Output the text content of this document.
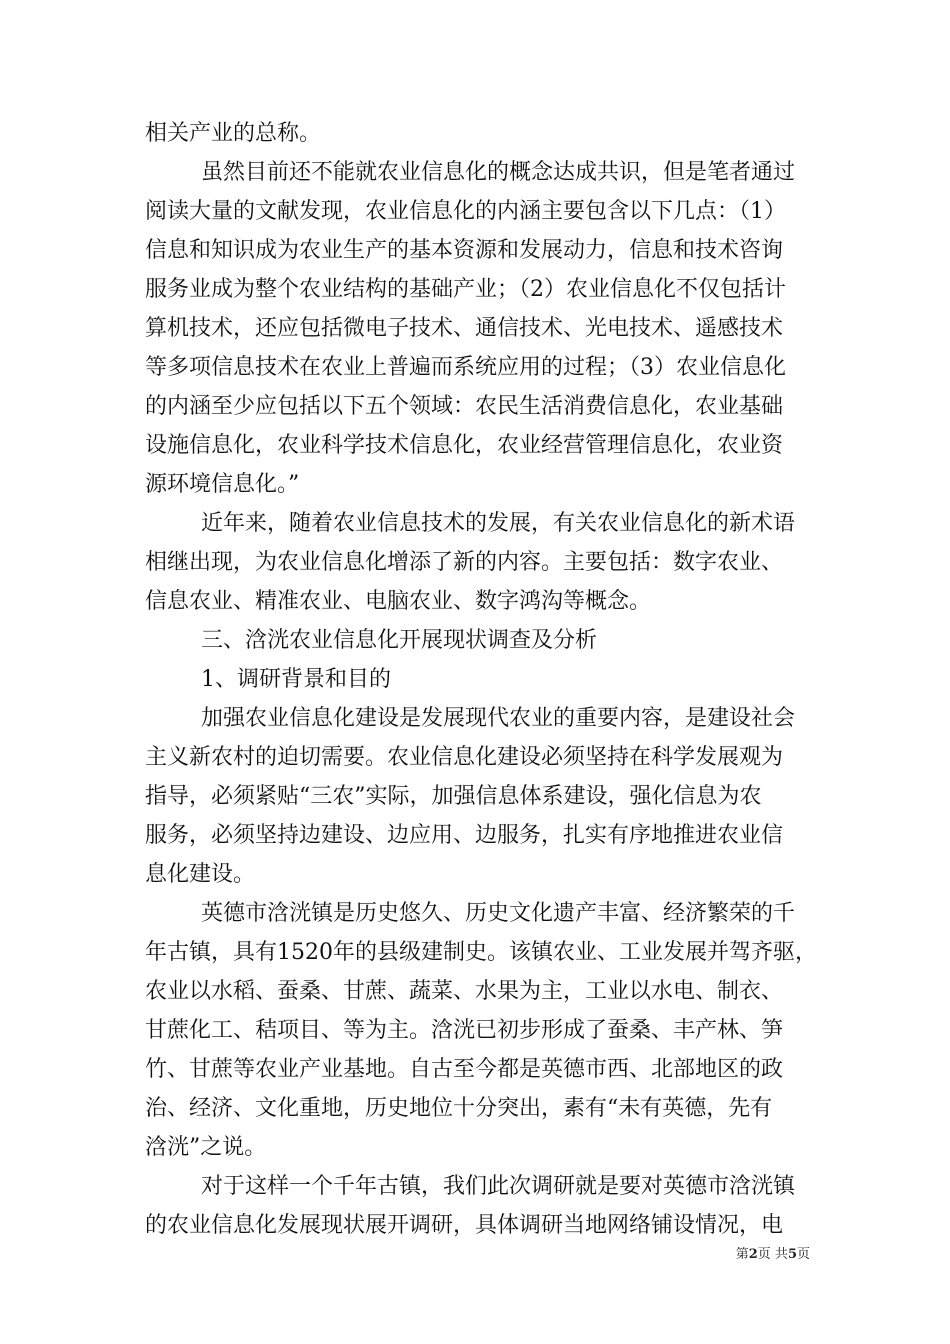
相关产业的总称。
虽然目前还不能就农业信息化的概念达成共识，但是笔者通过
阅读大量的文献发现，农业信息化的内涵主要包含以下几点：（1）
信息和知识成为农业生产的基本资源和发展动力，信息和技术咨询
服务业成为整个农业结构的基础产业；（2）农业信息化不仅包括计
算机技术，还应包括微电子技术、通信技术、光电技术、遥感技术
等多项信息技术在农业上普遍而系统应用的过程；（3）农业信息化
的内涵至少应包括以下五个领域：农民生活消费信息化，农业基础
设施信息化，农业科学技术信息化，农业经营管理信息化，农业资
源环境信息化。”
近年来，随着农业信息技术的发展，有关农业信息化的新术语
相继出现，为农业信息化增添了新的内容。主要包括：数字农业、
信息农业、精准农业、电脑农业、数字鸿沟等概念。
三、浛洸农业信息化开展现状调查及分析
1、调研背景和目的
加强农业信息化建设是发展现代农业的重要内容，是建设社会
主义新农村的迫切需要。农业信息化建设必须坚持在科学发展观为
指导，必须紧贴“三农”实际，加强信息体系建设，强化信息为农
服务，必须坚持边建设、边应用、边服务，扎实有序地推进农业信
息化建设。
英德市浛洸镇是历史悠久、历史文化遗产丰富、经济繁荣的千
年古镇，具有1520年的县级建制史。该镇农业、工业发展并驾齐驱，
农业以水稻、蚕桑、甘蔗、蔬菜、水果为主，工业以水电、制衣、
甘蔗化工、秸项目、等为主。浛洸已初步形成了蚕桑、丰产林、笋
竹、甘蔗等农业产业基地。自古至今都是英德市西、北部地区的政
治、经济、文化重地，历史地位十分突出，素有“未有英德，先有
浛洸”之说。
对于这样一个千年古镇，我们此次调研就是要对英德市浛洸镇
的农业信息化发展现状展开调研，具体调研当地网络铺设情况，电
第2页 共5页
